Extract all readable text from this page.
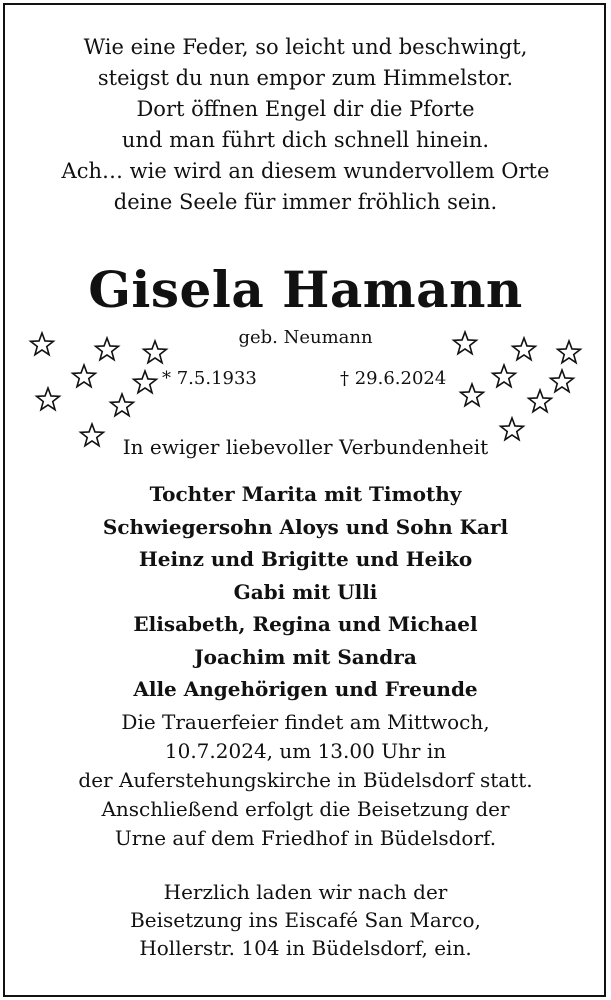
Wie eine Feder, so leicht und beschwingt,
steigst du nun empor zum Himmelstor.
Dort öffnen Engel dir die Pforte
und man führt dich schnell hinein.
Ach… wie wird an diesem wundervollem Orte
deine Seele für immer fröhlich sein.
Gisela Hamann
geb. Neumann
* 7.5.1933	† 29.6.2024
In ewiger liebevoller Verbundenheit
Tochter Marita mit Timothy
Schwiegersohn Aloys und Sohn Karl
Heinz und Brigitte und Heiko
Gabi mit Ulli
Elisabeth, Regina und Michael
Joachim mit Sandra
Alle Angehörigen und Freunde
Die Trauerfeier findet am Mittwoch,
10.7.2024, um 13.00 Uhr in
der Auferstehungskirche in Büdelsdorf statt.
Anschließend erfolgt die Beisetzung der
Urne auf dem Friedhof in Büdelsdorf.
Herzlich laden wir nach der
Beisetzung ins Eiscafé San Marco,
Hollerstr. 104 in Büdelsdorf, ein.
